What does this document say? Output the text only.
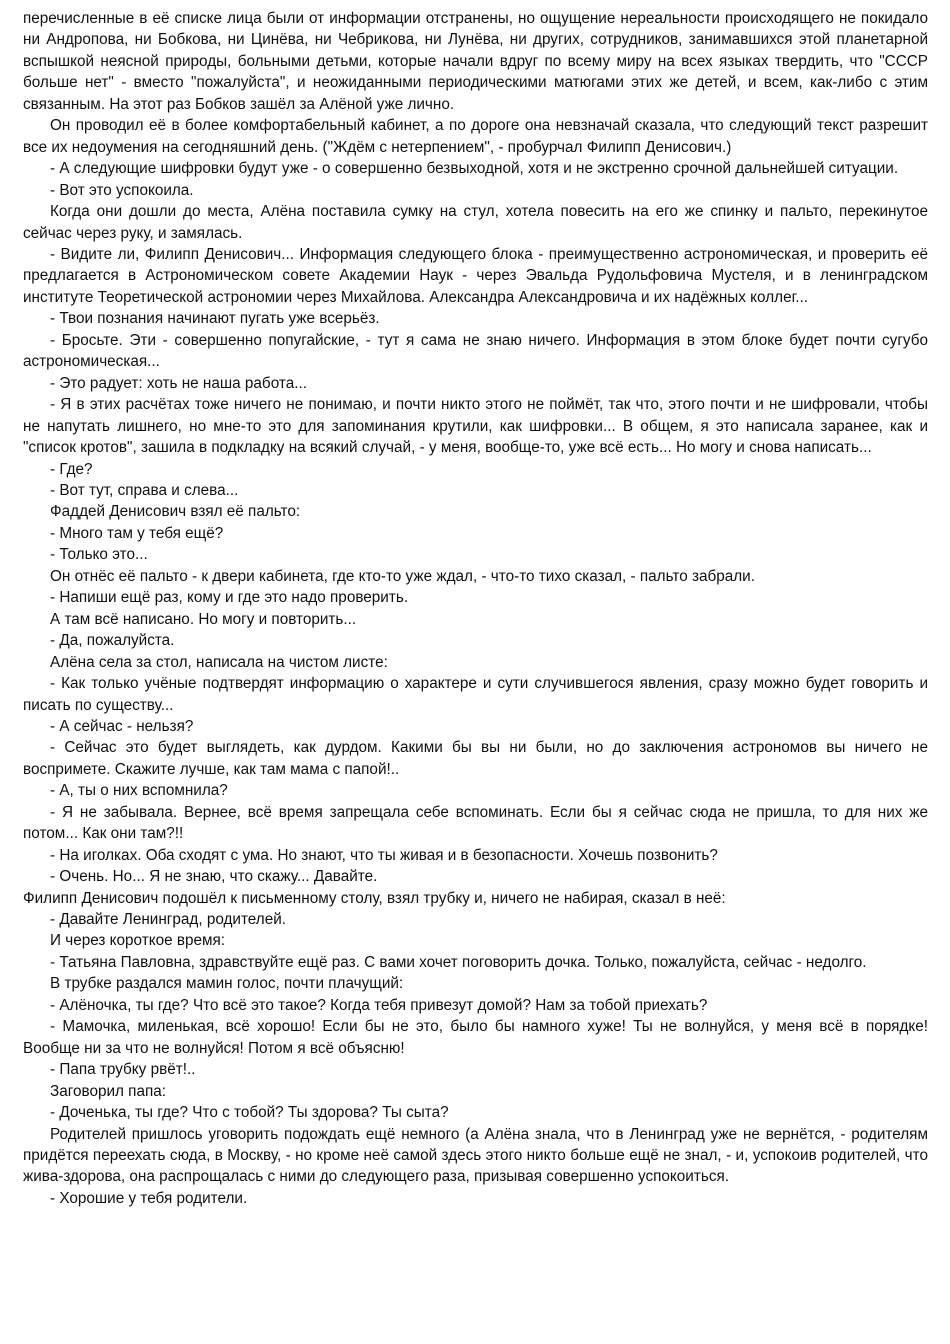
перечисленные в её списке лица были от информации отстранены, но ощущение нереальности происходящего не покидало ни Андропова, ни Бобкова, ни Цинёва, ни Чебрикова, ни Лунёва, ни других, сотрудников, занимавшихся этой планетарной вспышкой неясной природы, больными детьми, которые начали вдруг по всему миру на всех языках твердить, что "СССР больше нет" - вместо "пожалуйста", и неожиданными периодическими матюгами этих же детей, и всем, как-либо с этим связанным. На этот раз Бобков зашёл за Алёной уже лично.

Он проводил её в более комфортабельный кабинет, а по дороге она невзначай сказала, что следующий текст разрешит все их недоумения на сегодняшний день. ("Ждём с нетерпением", - пробурчал Филипп Денисович.)

- А следующие шифровки будут уже - о совершенно безвыходной, хотя и не экстренно срочной дальнейшей ситуации.

- Вот это успокоила.

Когда они дошли до места, Алёна поставила сумку на стул, хотела повесить на его же спинку и пальто, перекинутое сейчас через руку, и замялась.

- Видите ли, Филипп Денисович... Информация следующего блока - преимущественно астрономическая, и проверить её предлагается в Астрономическом совете Академии Наук - через Эвальда Рудольфовича Мустеля, и в ленинградском институте Теоретической астрономии через Михайлова. Александра Александровича и их надёжных коллег...

- Твои познания начинают пугать уже всерьёз.

- Бросьте. Эти - совершенно попугайские, - тут я сама не знаю ничего. Информация в этом блоке будет почти сугубо астрономическая...

- Это радует: хоть не наша работа...

- Я в этих расчётах тоже ничего не понимаю, и почти никто этого не поймёт, так что, этого почти и не шифровали, чтобы не напутать лишнего, но мне-то это для запоминания крутили, как шифровки... В общем, я это написала заранее, как и "список кротов", зашила в подкладку на всякий случай, - у меня, вообще-то, уже всё есть... Но могу и снова написать...

- Где?

- Вот тут, справа и слева...

Фаддей Денисович взял её пальто:

- Много там у тебя ещё?

- Только это...

Он отнёс её пальто - к двери кабинета, где кто-то уже ждал, - что-то тихо сказал, - пальто забрали.

- Напиши ещё раз, кому и где это надо проверить.

А там всё написано. Но могу и повторить...

- Да, пожалуйста.

Алёна села за стол, написала на чистом листе:

- Как только учёные подтвердят информацию о характере и сути случившегося явления, сразу можно будет говорить и писать по существу...

- А сейчас - нельзя?

- Сейчас это будет выглядеть, как дурдом. Какими бы вы ни были, но до заключения астрономов вы ничего не воспримете. Скажите лучше, как там мама с папой!..

- А, ты о них вспомнила?

- Я не забывала. Вернее, всё время запрещала себе вспоминать. Если бы я сейчас сюда не пришла, то для них же потом... Как они там?!!

- На иголках. Оба сходят с ума. Но знают, что ты живая и в безопасности. Хочешь позвонить?

- Очень. Но... Я не знаю, что скажу... Давайте.

Филипп Денисович подошёл к письменному столу, взял трубку и, ничего не набирая, сказал в неё:

- Давайте Ленинград, родителей.

И через короткое время:

- Татьяна Павловна, здравствуйте ещё раз. С вами хочет поговорить дочка. Только, пожалуйста, сейчас - недолго.

В трубке раздался мамин голос, почти плачущий:

- Алёночка, ты где? Что всё это такое? Когда тебя привезут домой? Нам за тобой приехать?

- Мамочка, миленькая, всё хорошо! Если бы не это, было бы намного хуже! Ты не волнуйся, у меня всё в порядке! Вообще ни за что не волнуйся! Потом я всё объясню!

- Папа трубку рвёт!..

Заговорил папа:

- Доченька, ты где? Что с тобой? Ты здорова? Ты сыта?

Родителей пришлось уговорить подождать ещё немного (а Алёна знала, что в Ленинград уже не вернётся, - родителям придётся переехать сюда, в Москву, - но кроме неё самой здесь этого никто больше ещё не знал, - и, успокоив родителей, что жива-здорова, она распрощалась с ними до следующего раза, призывая совершенно успокоиться.

- Хорошие у тебя родители.
